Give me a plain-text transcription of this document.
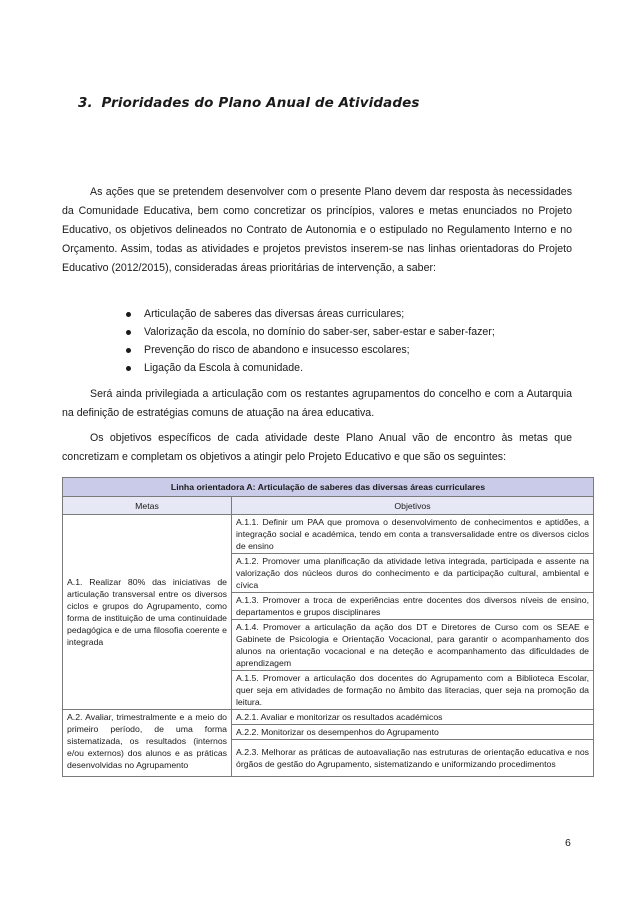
3. Prioridades do Plano Anual de Atividades

As ações que se pretendem desenvolver com o presente Plano devem dar resposta às necessidades da Comunidade Educativa, bem como concretizar os princípios, valores e metas enunciados no Projeto Educativo, os objetivos delineados no Contrato de Autonomia e o estipulado no Regulamento Interno e no Orçamento. Assim, todas as atividades e projetos previstos inserem-se nas linhas orientadoras do Projeto Educativo (2012/2015), consideradas áreas prioritárias de intervenção, a saber:

Articulação de saberes das diversas áreas curriculares;
Valorização da escola, no domínio do saber-ser, saber-estar e saber-fazer;
Prevenção do risco de abandono e insucesso escolares;
Ligação da Escola à comunidade.

Será ainda privilegiada a articulação com os restantes agrupamentos do concelho e com a Autarquia na definição de estratégias comuns de atuação na área educativa.

Os objetivos específicos de cada atividade deste Plano Anual vão de encontro às metas que concretizam e completam os objetivos a atingir pelo Projeto Educativo e que são os seguintes:

Linha orientadora A: Articulação de saberes das diversas áreas curriculares	
Metas	Objetivos
A.1. Realizar 80% das iniciativas de articulação transversal entre os diversos ciclos e grupos do Agrupamento, como forma de instituição de uma continuidade pedagógica e de uma filosofia coerente e integrada	A.1.1. Definir um PAA que promova o desenvolvimento de conhecimentos e aptidões, a integração social e académica, tendo em conta a transversalidade entre os diversos ciclos de ensino
	A.1.2. Promover uma planificação da atividade letiva integrada, participada e assente na valorização dos núcleos duros do conhecimento e da participação cultural, ambiental e cívica
	A.1.3. Promover a troca de experiências entre docentes dos diversos níveis de ensino, departamentos e grupos disciplinares
	A.1.4. Promover a articulação da ação dos DT e Diretores de Curso com os SEAE e Gabinete de Psicologia e Orientação Vocacional, para garantir o acompanhamento dos alunos na orientação vocacional e na deteção e acompanhamento das dificuldades de aprendizagem
	A.1.5. Promover a articulação dos docentes do Agrupamento com a Biblioteca Escolar, quer seja em atividades de formação no âmbito das literacias, quer seja na promoção da leitura.
A.2. Avaliar, trimestralmente e a meio do primeiro período, de uma forma sistematizada, os resultados (internos e/ou externos) dos alunos e as práticas desenvolvidas no Agrupamento	A.2.1. Avaliar e monitorizar os resultados académicos
	A.2.2. Monitorizar os desempenhos do Agrupamento
	A.2.3. Melhorar as práticas de autoavaliação nas estruturas de orientação educativa e nos órgãos de gestão do Agrupamento, sistematizando e uniformizando procedimentos
6
